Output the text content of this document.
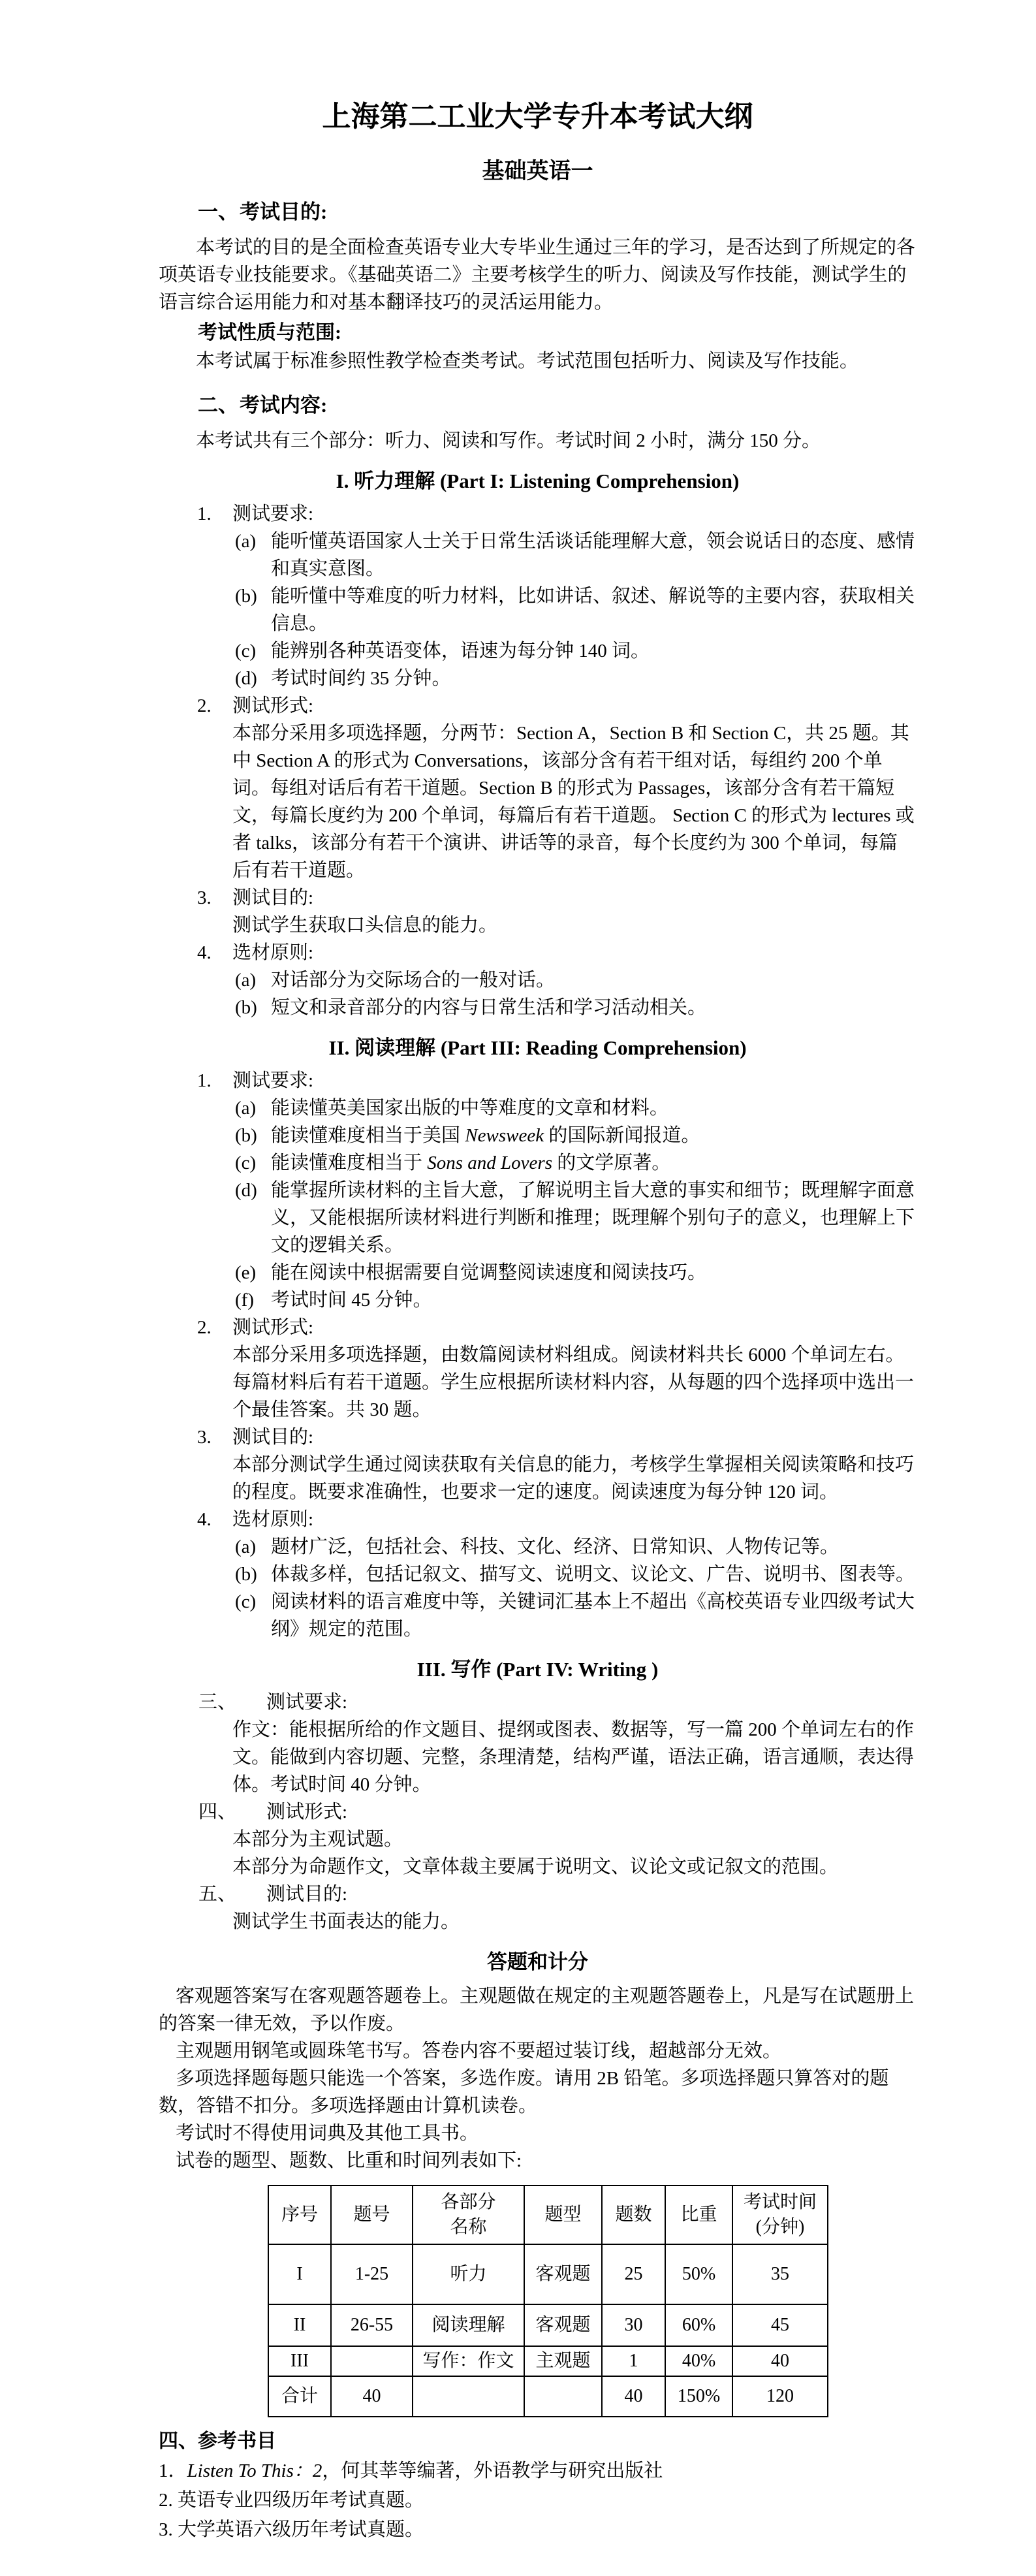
上海第二工业大学专升本考试大纲
基础英语一
一、考试目的:

本考试的目的是全面检查英语专业大专毕业生通过三年的学习，是否达到了所规定的各项英语专业技能要求。《基础英语二》主要考核学生的听力、阅读及写作技能，测试学生的语言综合运用能力和对基本翻译技巧的灵活运用能力。

考试性质与范围:

本考试属于标准参照性教学检查类考试。考试范围包括听力、阅读及写作技能。

二、考试内容:

本考试共有三个部分：听力、阅读和写作。考试时间 2 小时，满分 150 分。

I. 听力理解 (Part I: Listening Comprehension)
1. 测试要求:
(a) 能听懂英语国家人士关于日常生活谈话能理解大意，领会说话日的态度、感情和真实意图。
(b) 能听懂中等难度的听力材料，比如讲话、叙述、解说等的主要内容，获取相关信息。
(c) 能辨别各种英语变体，语速为每分钟 140 词。
(d) 考试时间约 35 分钟。
2. 测试形式:

本部分采用多项选择题，分两节：Section A，Section B 和 Section C，共 25 题。其中 Section A 的形式为 Conversations，该部分含有若干组对话，每组约 200 个单词。每组对话后有若干道题。Section B 的形式为 Passages，该部分含有若干篇短文，每篇长度约为 200 个单词，每篇后有若干道题。 Section C 的形式为 lectures 或者 talks，该部分有若干个演讲、讲话等的录音，每个长度约为 300 个单词，每篇后有若干道题。

3. 测试目的:

测试学生获取口头信息的能力。

4. 选材原则:
(a) 对话部分为交际场合的一般对话。
(b) 短文和录音部分的内容与日常生活和学习活动相关。
II. 阅读理解 (Part III: Reading Comprehension)
1. 测试要求:
(a) 能读懂英美国家出版的中等难度的文章和材料。
(b) 能读懂难度相当于美国 Newsweek 的国际新闻报道。
(c) 能读懂难度相当于 Sons and Lovers 的文学原著。
(d) 能掌握所读材料的主旨大意，了解说明主旨大意的事实和细节；既理解字面意义，又能根据所读材料进行判断和推理；既理解个别句子的意义，也理解上下文的逻辑关系。
(e) 能在阅读中根据需要自觉调整阅读速度和阅读技巧。
(f) 考试时间 45 分钟。
2. 测试形式:

本部分采用多项选择题，由数篇阅读材料组成。阅读材料共长 6000 个单词左右。每篇材料后有若干道题。学生应根据所读材料内容，从每题的四个选择项中选出一个最佳答案。共 30 题。

3. 测试目的:

本部分测试学生通过阅读获取有关信息的能力，考核学生掌握相关阅读策略和技巧的程度。既要求准确性，也要求一定的速度。阅读速度为每分钟 120 词。

4. 选材原则:
(a) 题材广泛，包括社会、科技、文化、经济、日常知识、人物传记等。
(b) 体裁多样，包括记叙文、描写文、说明文、议论文、广告、说明书、图表等。
(c) 阅读材料的语言难度中等，关键词汇基本上不超出《高校英语专业四级考试大纲》规定的范围。
III. 写作 (Part IV: Writing )
三、 测试要求:

作文：能根据所给的作文题目、提纲或图表、数据等，写一篇 200 个单词左右的作文。能做到内容切题、完整，条理清楚，结构严谨，语法正确，语言通顺，表达得体。考试时间 40 分钟。

四、 测试形式:

本部分为主观试题。

本部分为命题作文，文章体裁主要属于说明文、议论文或记叙文的范围。

五、 测试目的:

测试学生书面表达的能力。

答题和计分

客观题答案写在客观题答题卷上。主观题做在规定的主观题答题卷上，凡是写在试题册上的答案一律无效，予以作废。

主观题用钢笔或圆珠笔书写。答卷内容不要超过装订线，超越部分无效。

多项选择题每题只能选一个答案，多选作废。请用 2B 铅笔。多项选择题只算答对的题数，答错不扣分。多项选择题由计算机读卷。

考试时不得使用词典及其他工具书。

试卷的题型、题数、比重和时间列表如下:

序号	题号	各部分名称	题型	题数	比重	考试时间(分钟)
I	1-25	听力	客观题	25	50%	35
II	26-55	阅读理解	客观题	30	60%	45
III		写作：作文	主观题	1	40%	40
合计	40			40	150%	120
四、参考书目

1．Listen To This：2，何其莘等编著，外语教学与研究出版社

2. 英语专业四级历年考试真题。

3. 大学英语六级历年考试真题。
